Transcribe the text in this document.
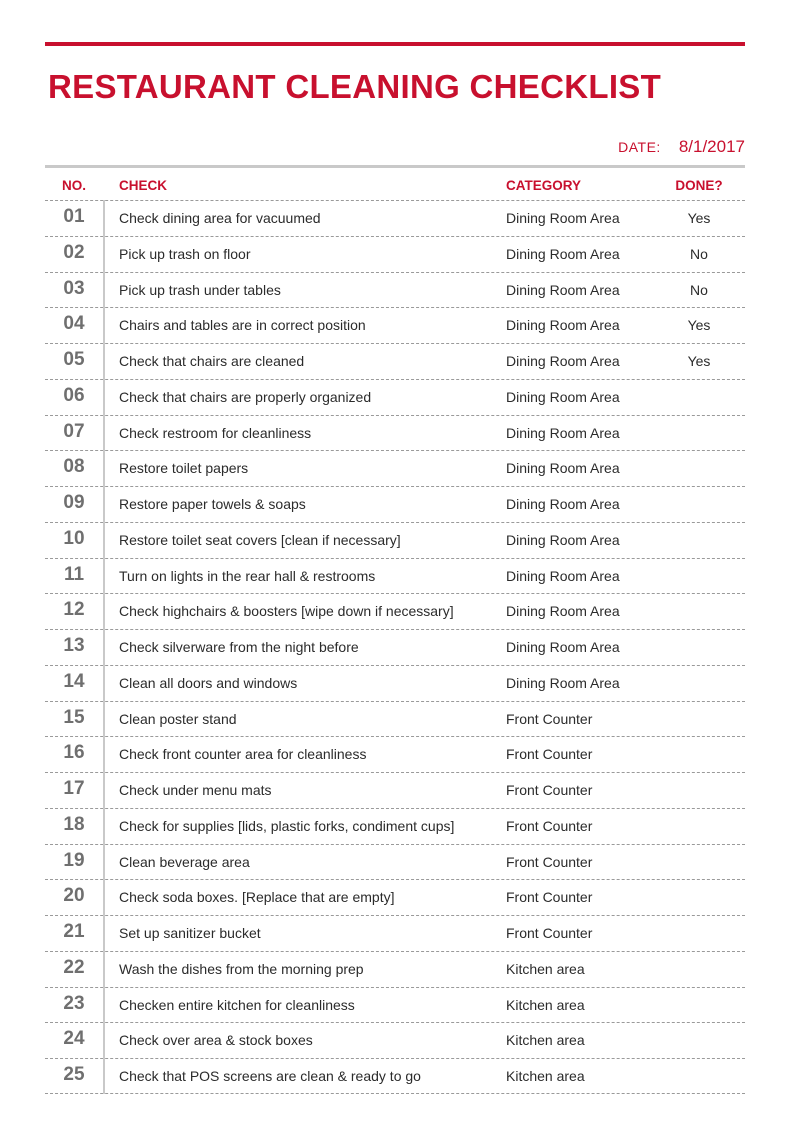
RESTAURANT CLEANING CHECKLIST
DATE: 8/1/2017
NO.	CHECK	CATEGORY	DONE?
01	Check dining area for vacuumed	Dining Room Area	Yes
02	Pick up trash on floor	Dining Room Area	No
03	Pick up trash under tables	Dining Room Area	No
04	Chairs and tables are in correct position	Dining Room Area	Yes
05	Check that chairs are cleaned	Dining Room Area	Yes
06	Check that chairs are properly organized	Dining Room Area
07	Check restroom for cleanliness	Dining Room Area
08	Restore toilet papers	Dining Room Area
09	Restore paper towels & soaps	Dining Room Area
10	Restore toilet seat covers [clean if necessary]	Dining Room Area
11	Turn on lights in the rear hall & restrooms	Dining Room Area
12	Check highchairs & boosters [wipe down if necessary]	Dining Room Area
13	Check silverware from the night before	Dining Room Area
14	Clean all doors and windows	Dining Room Area
15	Clean poster stand	Front Counter
16	Check front counter area for cleanliness	Front Counter
17	Check under menu mats	Front Counter
18	Check for supplies [lids, plastic forks, condiment cups]	Front Counter
19	Clean beverage area	Front Counter
20	Check soda boxes. [Replace that are empty]	Front Counter
21	Set up sanitizer bucket	Front Counter
22	Wash the dishes from the morning prep	Kitchen area
23	Checken entire kitchen for cleanliness	Kitchen area
24	Check over area & stock boxes	Kitchen area
25	Check that POS screens are clean & ready to go	Kitchen area
